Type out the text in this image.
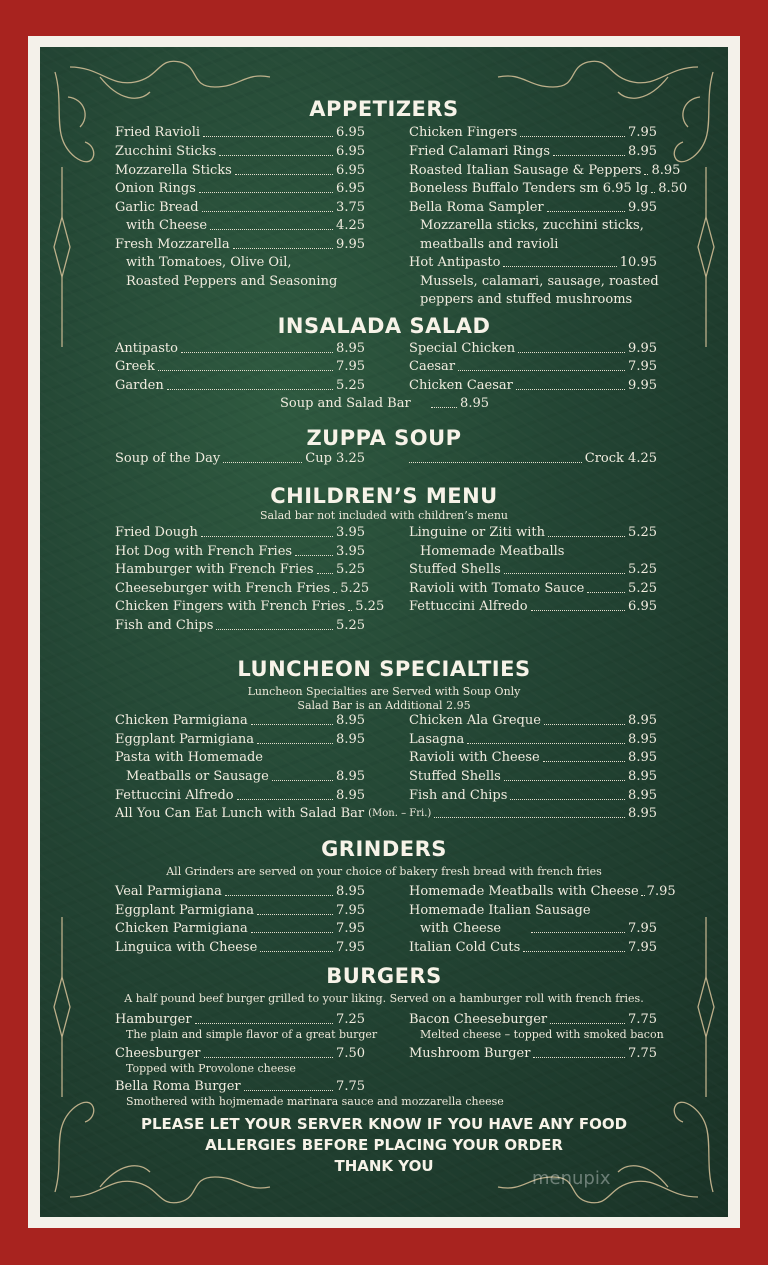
APPETIZERS
Fried Ravioli	6.95
Zucchini Sticks	6.95
Mozzarella Sticks	6.95
Onion Rings	6.95
Garlic Bread	3.75
with Cheese	4.25
Fresh Mozzarella	9.95
with Tomatoes, Olive Oil,
Roasted Peppers and Seasoning
Chicken Fingers	7.95
Fried Calamari Rings	8.95
Roasted Italian Sausage & Peppers 8.95
Boneless Buffalo Tenders sm 6.95 lg 8.50
Bella Roma Sampler	9.95
Mozzarella sticks, zucchini sticks,
meatballs and ravioli
Hot Antipasto	10.95
Mussels, calamari, sausage, roasted
peppers and stuffed mushrooms
INSALADA SALAD
Antipasto	8.95
Greek	7.95
Garden	5.25
Special Chicken	9.95
Caesar	7.95
Chicken Caesar	9.95
Soup and Salad Bar	8.95
ZUPPA SOUP
Soup of the Day	Cup 3.25	Crock 4.25
CHILDREN’S MENU
Salad bar not included with children’s menu
Fried Dough	3.95
Hot Dog with French Fries	3.95
Hamburger with French Fries 5.25
Cheeseburger with French Fries 5.25
Chicken Fingers with French Fries 5.25
Fish and Chips	5.25
Linguine or Ziti with	5.25
Homemade Meatballs
Stuffed Shells	5.25
Ravioli with Tomato Sauce	5.25
Fettuccini Alfredo	6.95
LUNCHEON SPECIALTIES
Luncheon Specialties are Served with Soup Only
Salad Bar is an Additional 2.95
Chicken Parmigiana	8.95
Eggplant Parmigiana	8.95
Pasta with Homemade
Meatballs or Sausage	8.95
Fettuccini Alfredo	8.95
Chicken Ala Greque	8.95
Lasagna	8.95
Ravioli with Cheese	8.95
Stuffed Shells	8.95
Fish and Chips	8.95
All You Can Eat Lunch with Salad Bar (Mon. – Fri.)	8.95
GRINDERS
All Grinders are served on your choice of bakery fresh bread with french fries
Veal Parmigiana	8.95
Eggplant Parmigiana	7.95
Chicken Parmigiana	7.95
Linguica with Cheese	7.95
Homemade Meatballs with Cheese 7.95
Homemade Italian Sausage
with Cheese	7.95
Italian Cold Cuts	7.95
BURGERS
A half pound beef burger grilled to your liking. Served on a hamburger roll with french fries.
Hamburger	7.25
The plain and simple flavor of a great burger
Cheesburger	7.50
Topped with Provolone cheese
Bella Roma Burger	7.75
Smothered with hojmemade marinara sauce and mozzarella cheese
Bacon Cheeseburger	7.75
Melted cheese – topped with smoked bacon
Mushroom Burger	7.75
PLEASE LET YOUR SERVER KNOW IF YOU HAVE ANY FOOD
ALLERGIES BEFORE PLACING YOUR ORDER
THANK YOU
menupix
